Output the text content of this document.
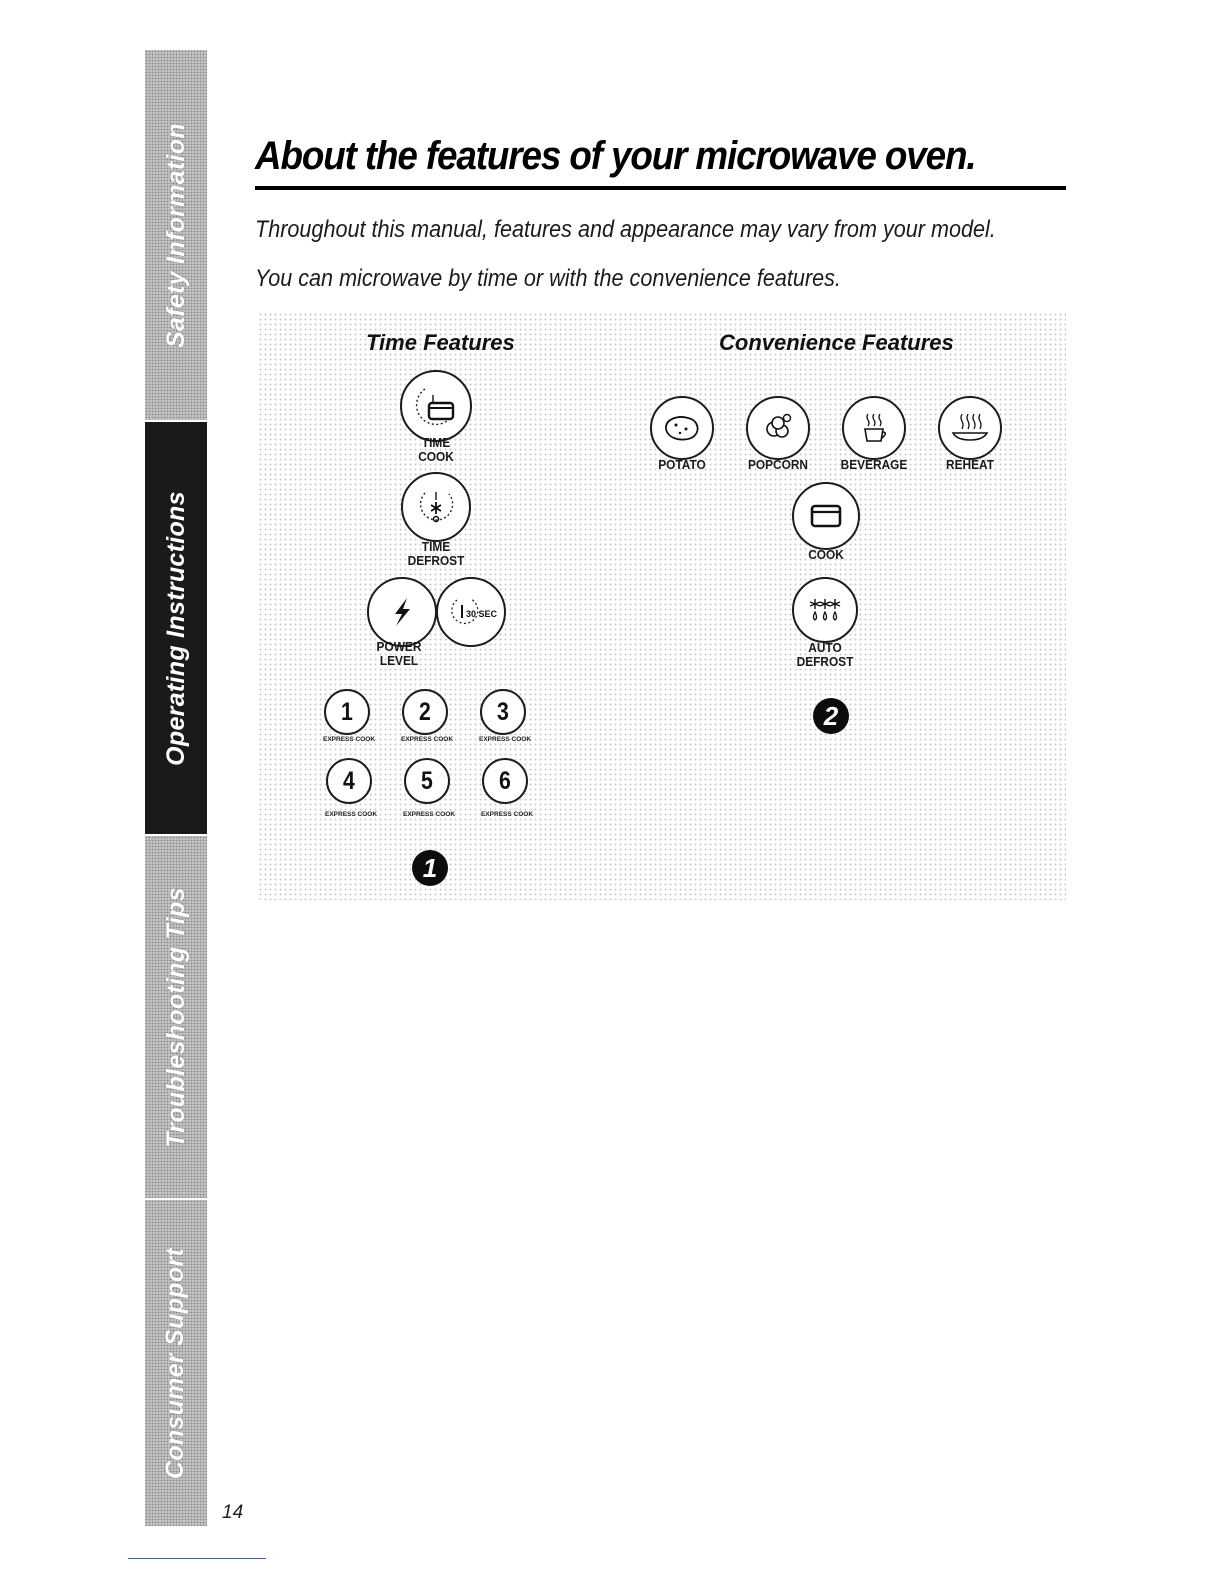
Safety Information
Operating Instructions
Troubleshooting Tips
Consumer Support
14
About the features of your microwave oven.

Throughout this manual, features and appearance may vary from your model.

You can microwave by time or with the convenience features.

Time Features
TIME
COOK
TIME
DEFROST
30 SEC
POWER
LEVEL
1	2	3
EXPRESS COOK	EXPRESS COOK	EXPRESS COOK
4	5	6
EXPRESS COOK	EXPRESS COOK	EXPRESS COOK
1
Convenience Features
POTATO	POPCORN	BEVERAGE	REHEAT
COOK
AUTO
DEFROST
2
